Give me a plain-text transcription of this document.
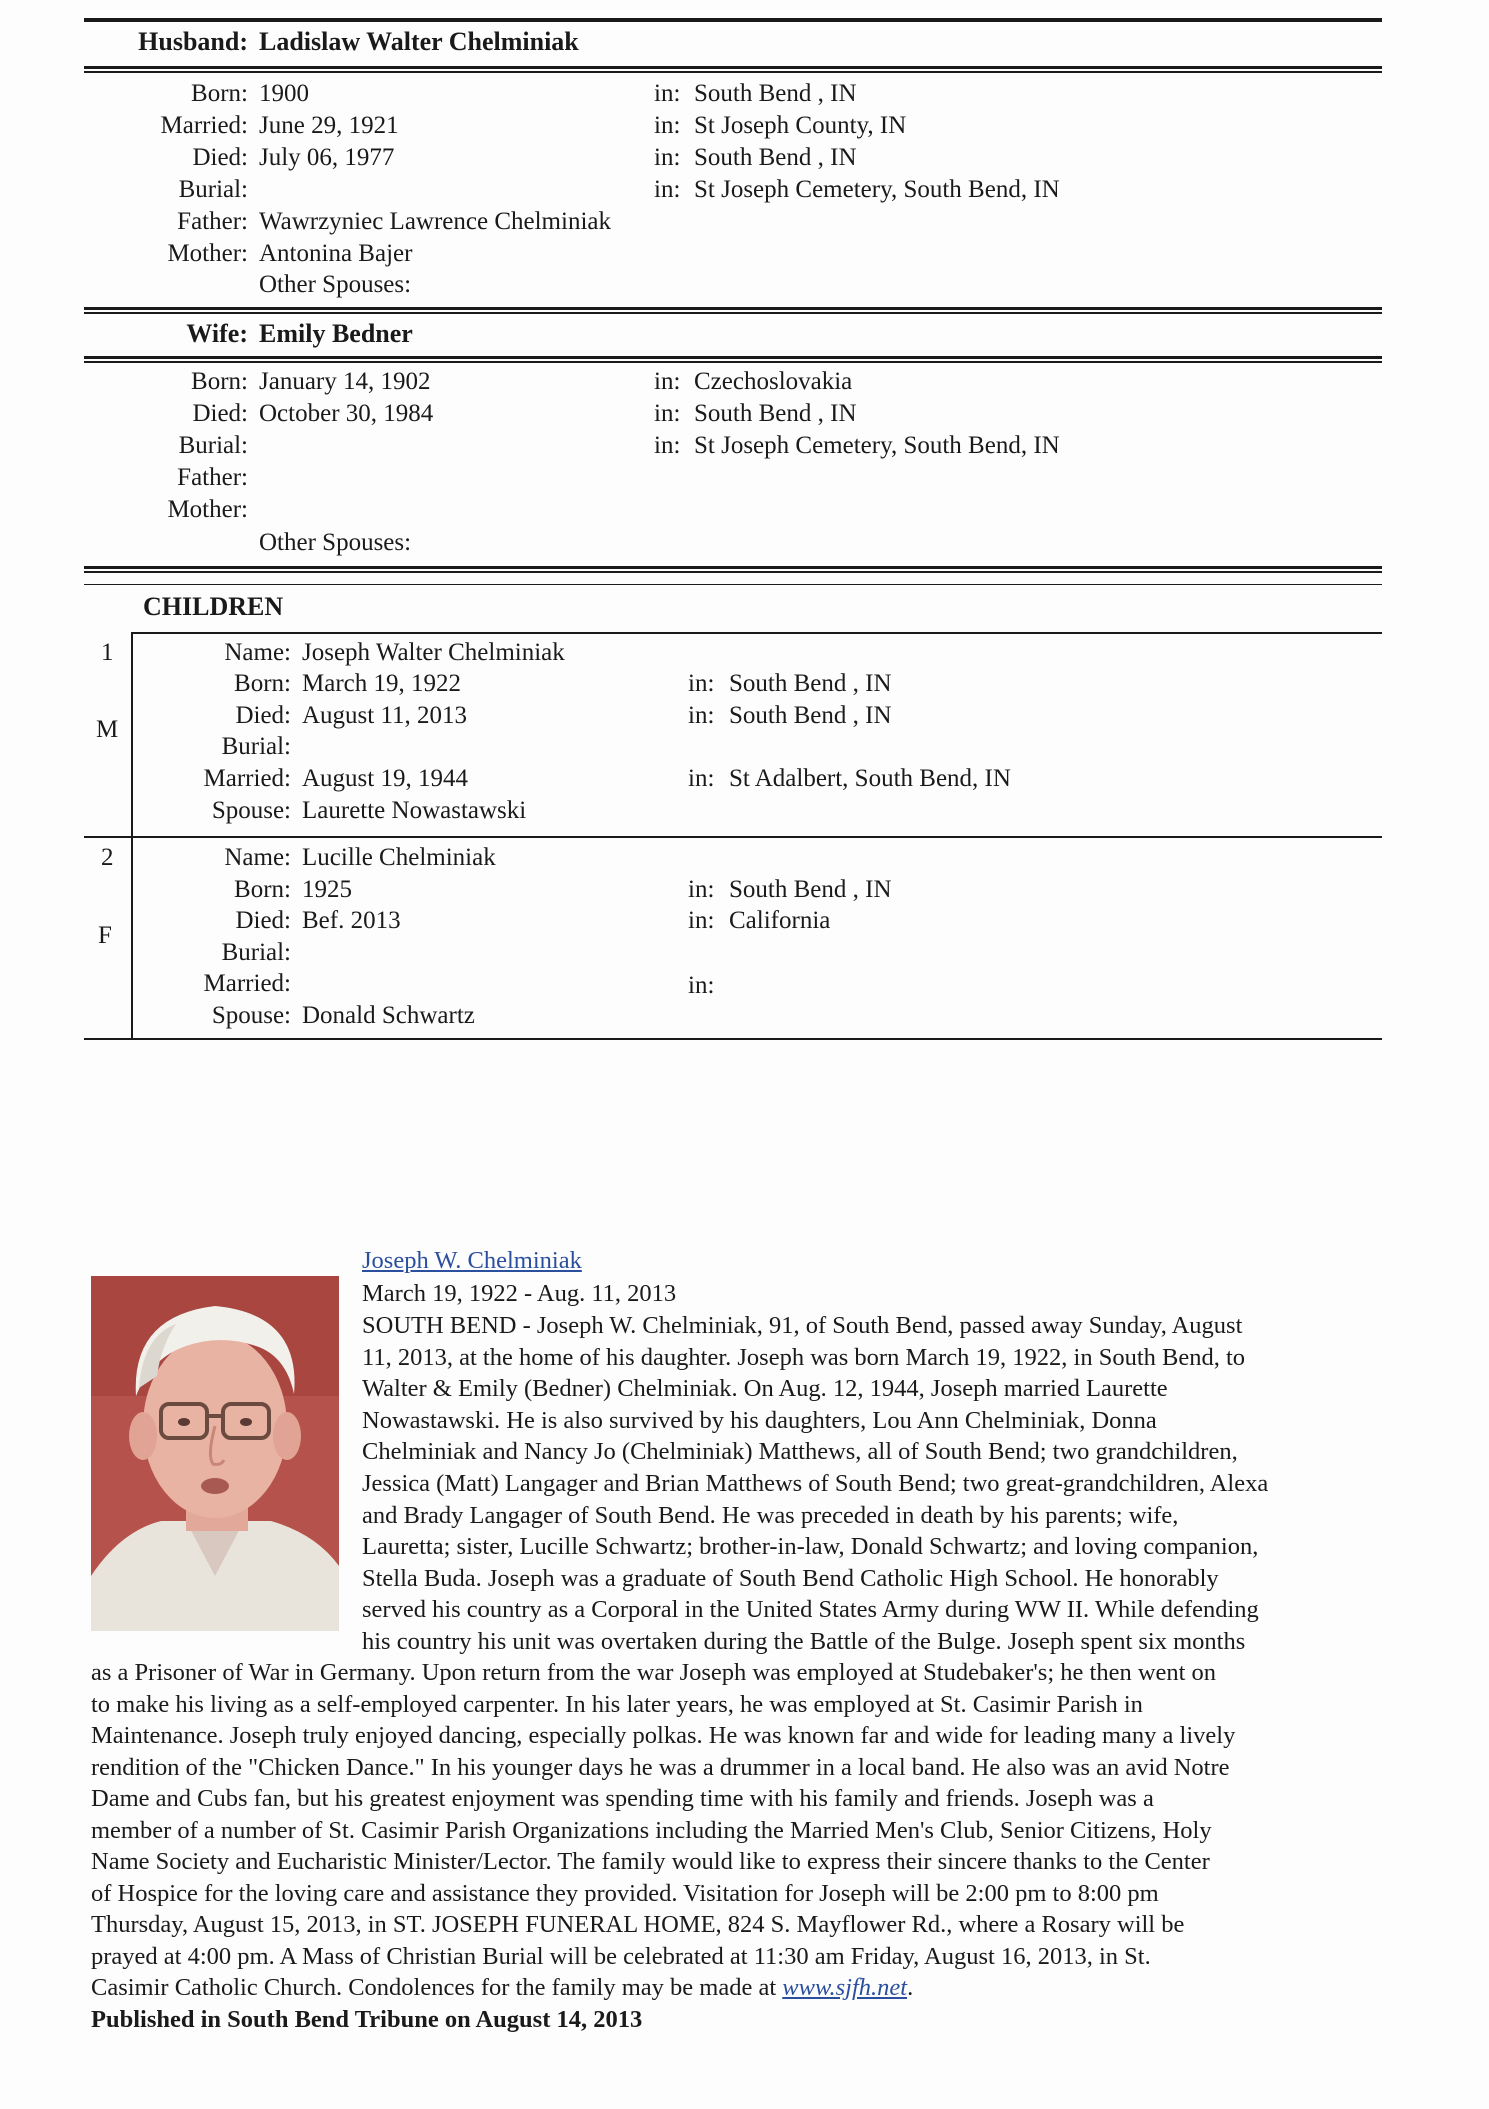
Husband: Ladislaw Walter Chelminiak
Born: 1900	in: South Bend , IN
Married: June 29, 1921	in: St Joseph County, IN
Died: July 06, 1977	in: South Bend , IN
Burial:	in: St Joseph Cemetery, South Bend, IN
Father: Wawrzyniec Lawrence Chelminiak
Mother: Antonina Bajer
Other Spouses:
Wife: Emily Bedner
Born: January 14, 1902	in: Czechoslovakia
Died: October 30, 1984	in: South Bend , IN
Burial:	in: St Joseph Cemetery, South Bend, IN
Father:
Mother:
Other Spouses:
CHILDREN
1
M
Name: Joseph Walter Chelminiak
Born: March 19, 1922	in: South Bend , IN
Died: August 11, 2013	in: South Bend , IN
Burial:
Married: August 19, 1944	in: St Adalbert, South Bend, IN
Spouse: Laurette Nowastawski
2
F
Name: Lucille Chelminiak
Born: 1925	in: South Bend , IN
Died: Bef. 2013	in: California
Burial:
Married:	in:
Spouse: Donald Schwartz
Joseph W. Chelminiak
March 19, 1922 - Aug. 11, 2013
SOUTH BEND - Joseph W. Chelminiak, 91, of South Bend, passed away Sunday, August
11, 2013, at the home of his daughter. Joseph was born March 19, 1922, in South Bend, to
Walter & Emily (Bedner) Chelminiak. On Aug. 12, 1944, Joseph married Laurette
Nowastawski. He is also survived by his daughters, Lou Ann Chelminiak, Donna
Chelminiak and Nancy Jo (Chelminiak) Matthews, all of South Bend; two grandchildren,
Jessica (Matt) Langager and Brian Matthews of South Bend; two great-grandchildren, Alexa
and Brady Langager of South Bend. He was preceded in death by his parents; wife,
Lauretta; sister, Lucille Schwartz; brother-in-law, Donald Schwartz; and loving companion,
Stella Buda. Joseph was a graduate of South Bend Catholic High School. He honorably
served his country as a Corporal in the United States Army during WW II. While defending
his country his unit was overtaken during the Battle of the Bulge. Joseph spent six months
as a Prisoner of War in Germany. Upon return from the war Joseph was employed at Studebaker's; he then went on
to make his living as a self-employed carpenter. In his later years, he was employed at St. Casimir Parish in
Maintenance. Joseph truly enjoyed dancing, especially polkas. He was known far and wide for leading many a lively
rendition of the "Chicken Dance." In his younger days he was a drummer in a local band. He also was an avid Notre
Dame and Cubs fan, but his greatest enjoyment was spending time with his family and friends. Joseph was a
member of a number of St. Casimir Parish Organizations including the Married Men's Club, Senior Citizens, Holy
Name Society and Eucharistic Minister/Lector. The family would like to express their sincere thanks to the Center
of Hospice for the loving care and assistance they provided. Visitation for Joseph will be 2:00 pm to 8:00 pm
Thursday, August 15, 2013, in ST. JOSEPH FUNERAL HOME, 824 S. Mayflower Rd., where a Rosary will be
prayed at 4:00 pm. A Mass of Christian Burial will be celebrated at 11:30 am Friday, August 16, 2013, in St.
Casimir Catholic Church. Condolences for the family may be made at www.sjfh.net.
Published in South Bend Tribune on August 14, 2013
